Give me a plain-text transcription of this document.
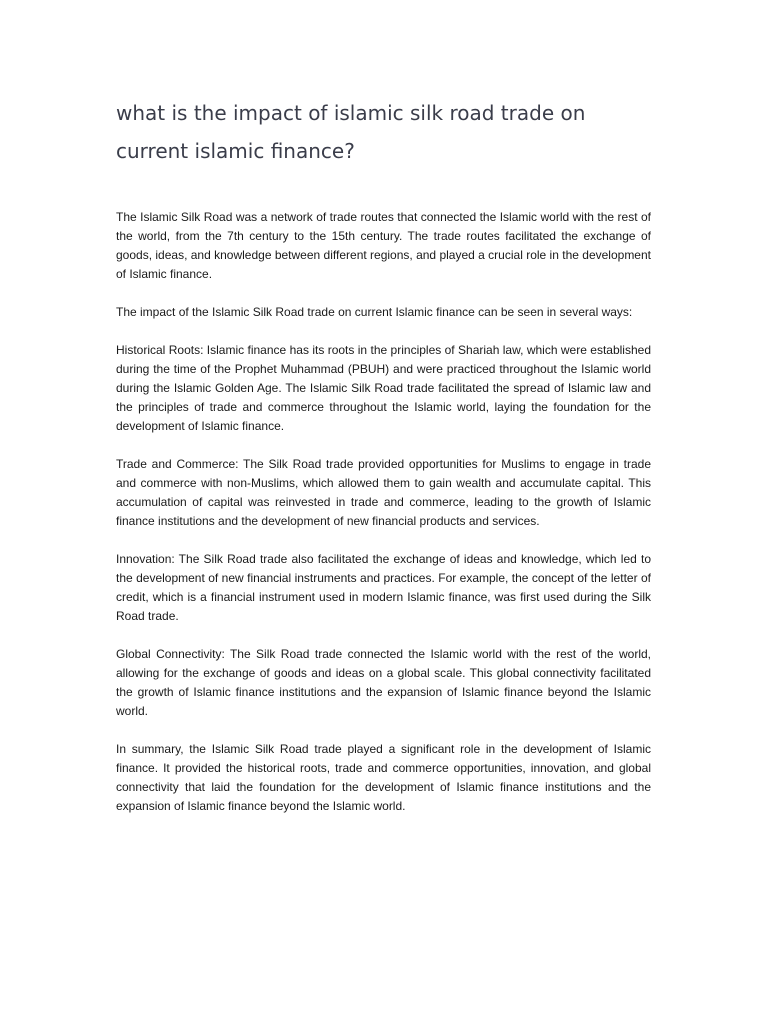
what is the impact of islamic silk road trade on current islamic finance?

The Islamic Silk Road was a network of trade routes that connected the Islamic world with the rest of the world, from the 7th century to the 15th century. The trade routes facilitated the exchange of goods, ideas, and knowledge between different regions, and played a crucial role in the development of Islamic finance.

The impact of the Islamic Silk Road trade on current Islamic finance can be seen in several ways:

Historical Roots: Islamic finance has its roots in the principles of Shariah law, which were established during the time of the Prophet Muhammad (PBUH) and were practiced throughout the Islamic world during the Islamic Golden Age. The Islamic Silk Road trade facilitated the spread of Islamic law and the principles of trade and commerce throughout the Islamic world, laying the foundation for the development of Islamic finance.

Trade and Commerce: The Silk Road trade provided opportunities for Muslims to engage in trade and commerce with non-Muslims, which allowed them to gain wealth and accumulate capital. This accumulation of capital was reinvested in trade and commerce, leading to the growth of Islamic finance institutions and the development of new financial products and services.

Innovation: The Silk Road trade also facilitated the exchange of ideas and knowledge, which led to the development of new financial instruments and practices. For example, the concept of the letter of credit, which is a financial instrument used in modern Islamic finance, was first used during the Silk Road trade.

Global Connectivity: The Silk Road trade connected the Islamic world with the rest of the world, allowing for the exchange of goods and ideas on a global scale. This global connectivity facilitated the growth of Islamic finance institutions and the expansion of Islamic finance beyond the Islamic world.

In summary, the Islamic Silk Road trade played a significant role in the development of Islamic finance. It provided the historical roots, trade and commerce opportunities, innovation, and global connectivity that laid the foundation for the development of Islamic finance institutions and the expansion of Islamic finance beyond the Islamic world.
